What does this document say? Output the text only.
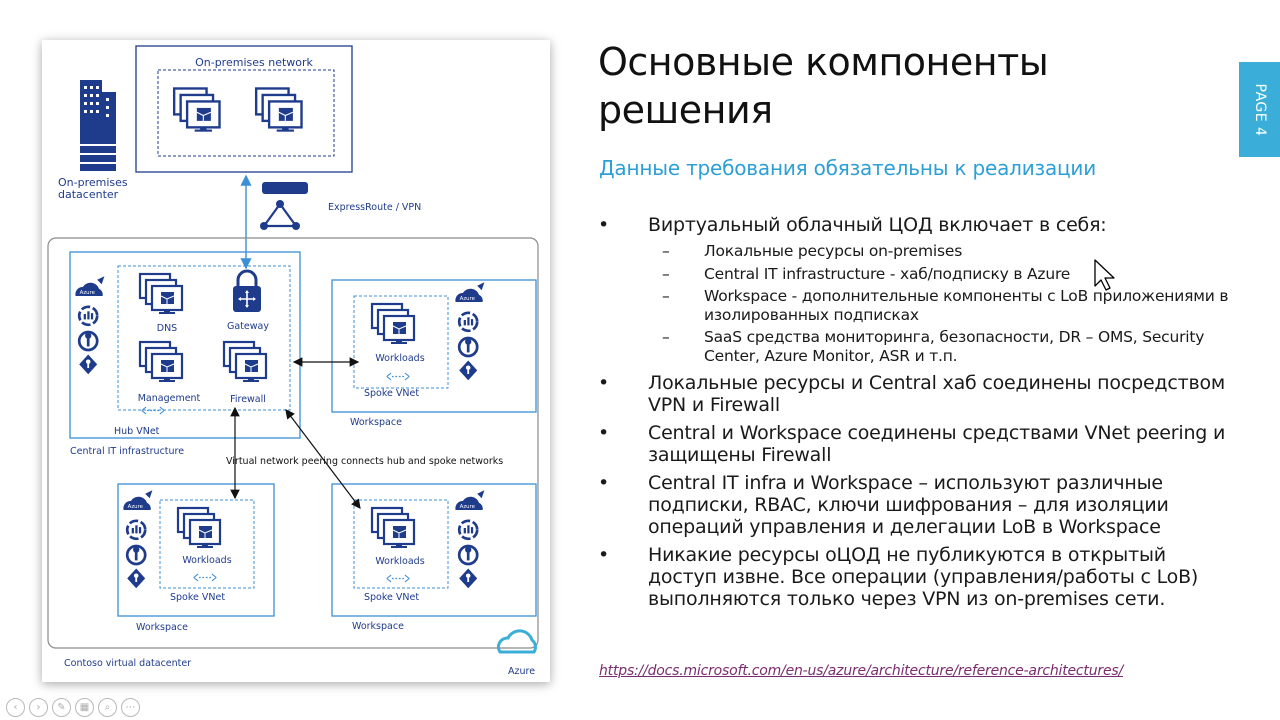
On-premises datacenter
On-premises network
ExpressRoute / VPN
DNS	Gateway
Management	Firewall
Hub VNet
Central IT infrastructure
Workloads
Spoke VNet
Workspace
Workloads
Spoke VNet
Workspace
Workloads
Spoke VNet
Workspace
Virtual network peering connects hub and spoke networks
Azure
Contoso virtual datacenter
Основные компоненты решения
Данные требования обязательны к реализации
• Виртуальный облачный ЦОД включает в себя:
– Локальные ресурсы on-premises
– Central IT infrastructure - хаб/подписку в Azure
– Workspace - дополнительные компоненты с LoB приложениями в изолированных подписках
– SaaS средства мониторинга, безопасности, DR – OMS, Security Center, Azure Monitor, ASR и т.п.
• Локальные ресурсы и Central хаб соединены посредством VPN и Firewall
• Central и Workspace соединены средствами VNet peering и защищены Firewall
• Central IT infra и Workspace – используют различные подписки, RBAC, ключи шифрования – для изоляции операций управления и делегации LoB в Workspace
• Никакие ресурсы оЦОД не публикуются в открытый доступ извне. Все операции (управления/работы с LoB) выполняются только через VPN из on-premises сети.
https://docs.microsoft.com/en-us/azure/architecture/reference-architectures/
PAGE 4
‹	›	✎	▦	⌕	⋯
